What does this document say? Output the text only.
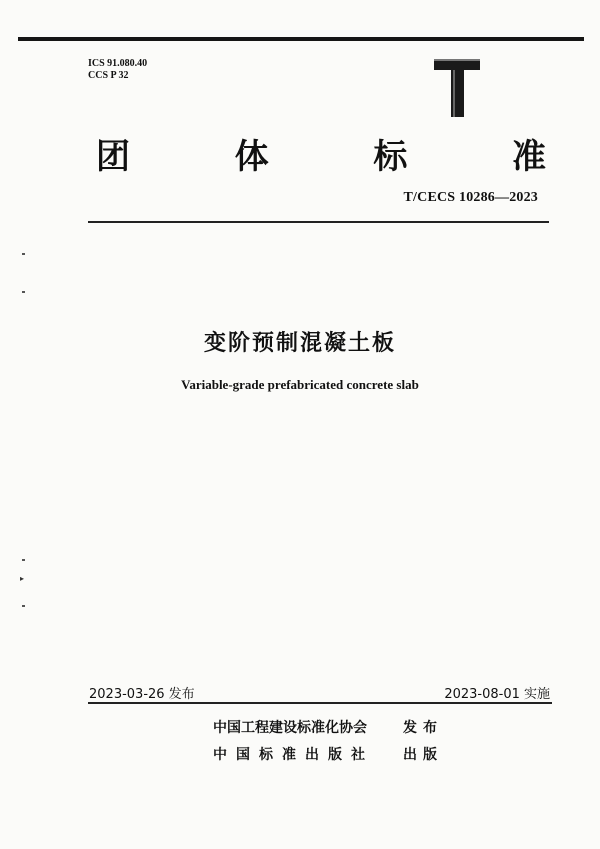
ICS 91.080.40
CCS P 32
团	体	标	准
T/CECS 10286—2023
变阶预制混凝土板
Variable-grade prefabricated concrete slab
▸
2023-03-26 发布	2023-08-01 实施
中国工程建设标准化协会	发布
中国标准出版社 出版
